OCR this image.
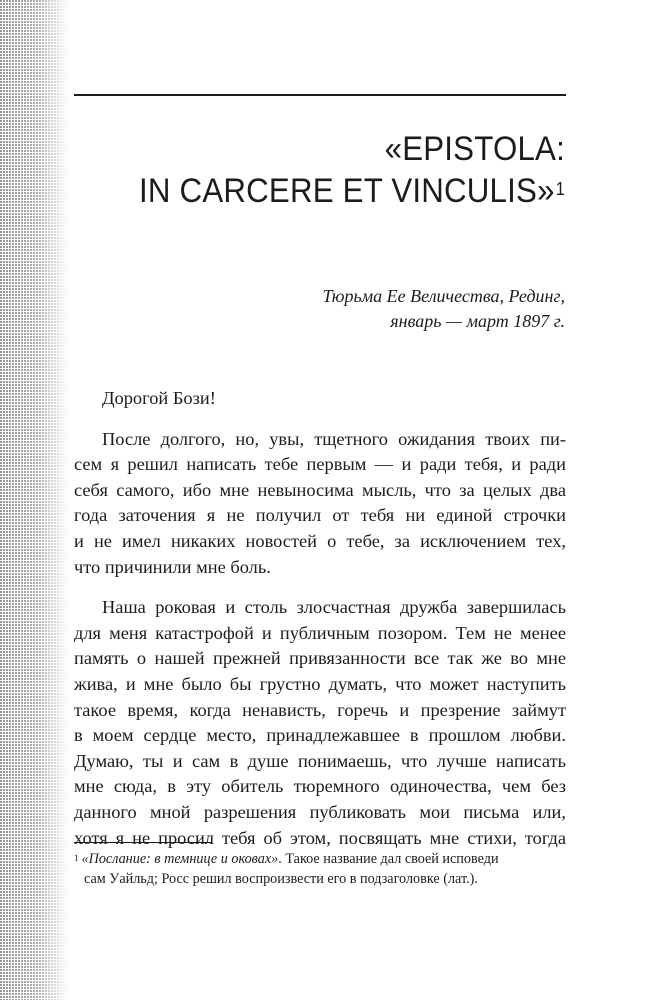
«EPISTOLA:
IN CARCERE ET VINCULIS»$^1$
Тюрьма Ее Величества, Рединг,
январь — март 1897 г.

Дорогой Бози!

После долгого, но, увы, тщетного ожидания твоих пи-
сем я решил написать тебе первым — и ради тебя, и ради
себя самого, ибо мне невыносима мысль, что за целых два
года заточения я не получил от тебя ни единой строчки
и не имел никаких новостей о тебе, за исключением тех,
что причинили мне боль.

Наша роковая и столь злосчастная дружба завершилась
для меня катастрофой и публичным позором. Тем не менее
память о нашей прежней привязанности все так же во мне
жива, и мне было бы грустно думать, что может наступить
такое время, когда ненависть, горечь и презрение займут
в моем сердце место, принадлежавшее в прошлом любви.
Думаю, ты и сам в душе понимаешь, что лучше написать
мне сюда, в эту обитель тюремного одиночества, чем без
данного мной разрешения публиковать мои письма или,
хотя я не просил тебя об этом, посвящать мне стихи, тогда

$^1$ «Послание: в темнице и оковах». Такое название дал своей исповеди
сам Уайльд; Росс решил воспроизвести его в подзаголовке (лат.).
